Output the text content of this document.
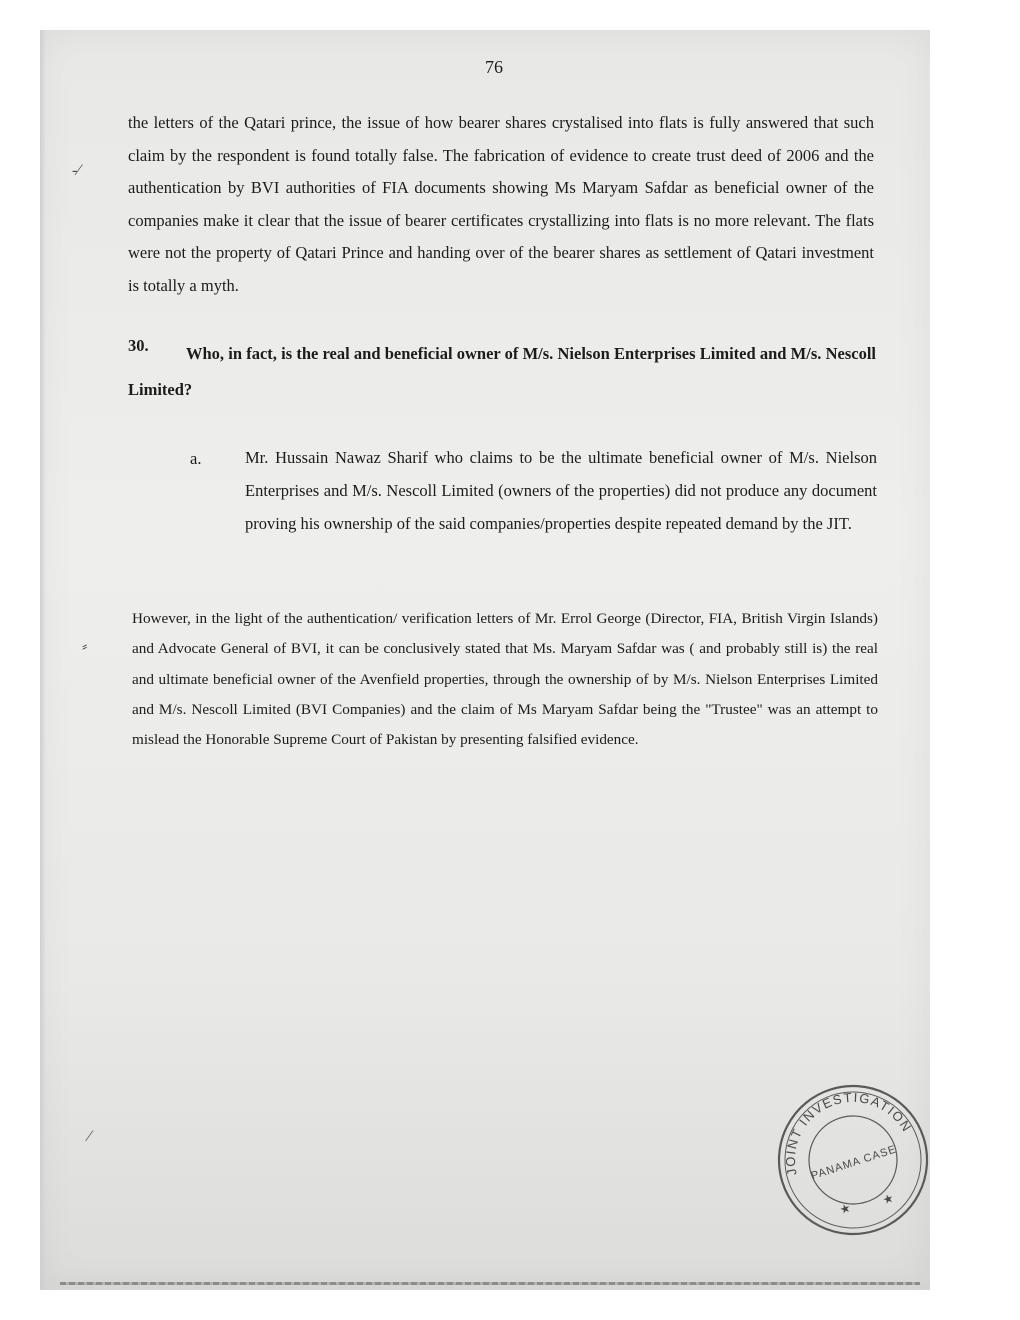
76
the letters of the Qatari prince, the issue of how bearer shares crystalised into flats is fully answered that such claim by the respondent is found totally false. The fabrication of evidence to create trust deed of 2006 and the authentication by BVI authorities of FIA documents showing Ms Maryam Safdar as beneficial owner of the companies make it clear that the issue of bearer certificates crystallizing into flats is no more relevant. The flats were not the property of Qatari Prince and handing over of the bearer shares as settlement of Qatari investment is totally a myth.
Who, in fact, is the real and beneficial owner of M/s. Nielson Enterprises Limited and M/s. Nescoll Limited?
30.
a.	Mr. Hussain Nawaz Sharif who claims to be the ultimate beneficial owner of M/s. Nielson Enterprises and M/s. Nescoll Limited (owners of the properties) did not produce any document proving his ownership of the said companies/properties despite repeated demand by the JIT.
However, in the light of the authentication/ verification letters of Mr. Errol George (Director, FIA, British Virgin Islands) and Advocate General of BVI, it can be conclusively stated that Ms. Maryam Safdar was ( and probably still is) the real and ultimate beneficial owner of the Avenfield properties, through the ownership of by M/s. Nielson Enterprises Limited and M/s. Nescoll Limited (BVI Companies) and the claim of Ms Maryam Safdar being the "Trustee" was an attempt to mislead the Honorable Supreme Court of Pakistan by presenting falsified evidence.
-⁄
⸗
⁄
JOINT INVESTIGATION
PANAMA CASE
★
★
